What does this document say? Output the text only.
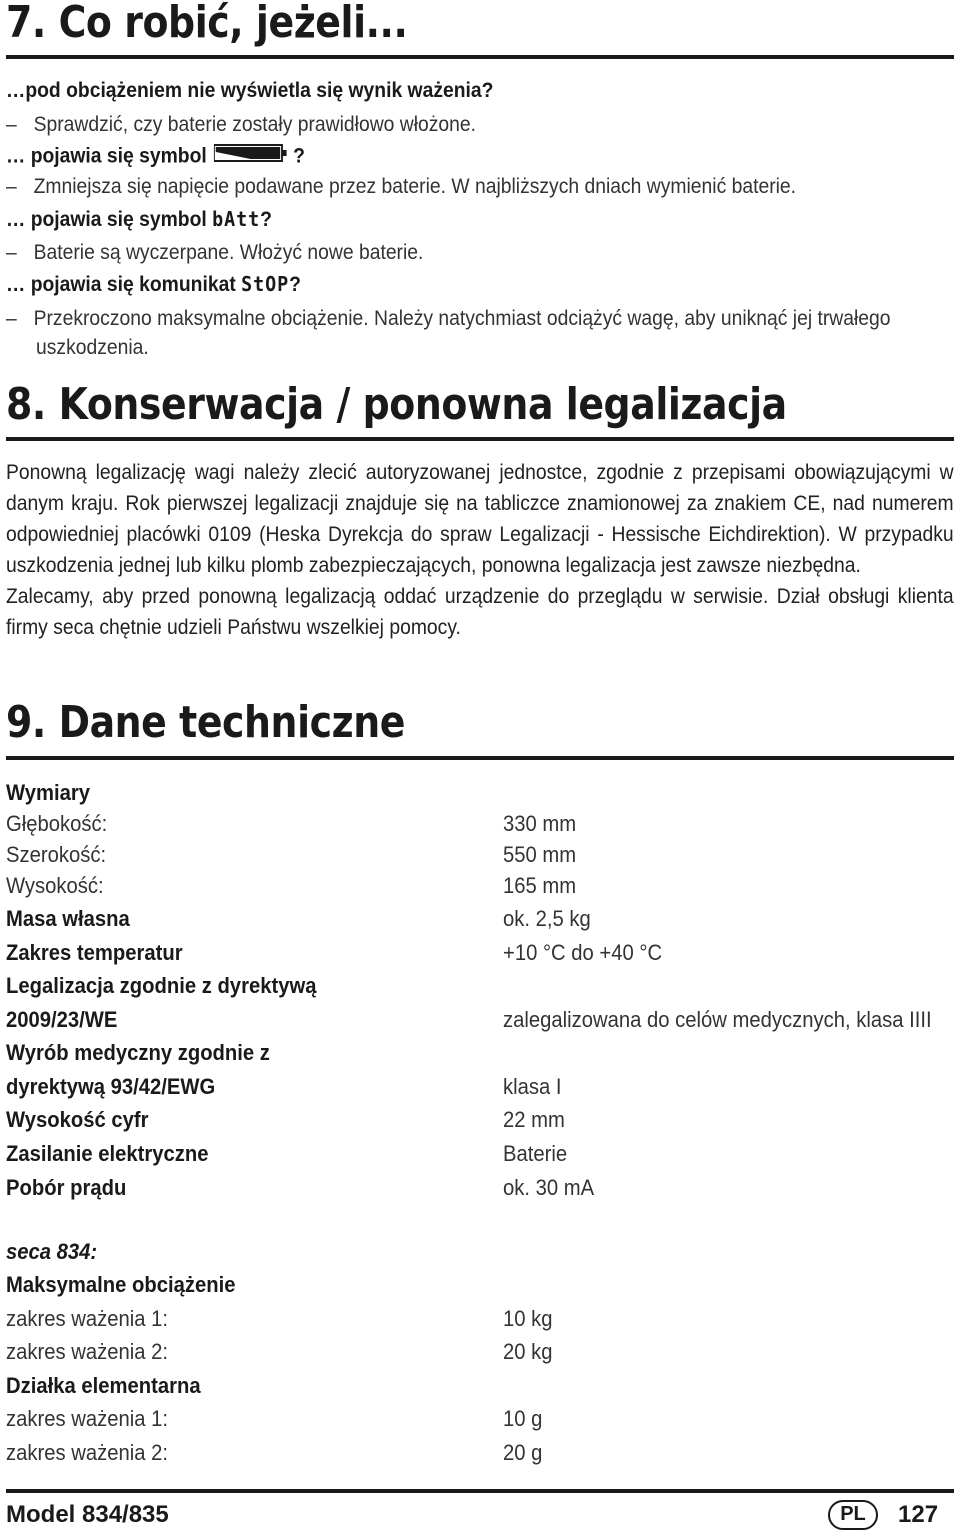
7. Co robić, jeżeli...
…pod obciążeniem nie wyświetla się wynik ważenia?
– Sprawdzić, czy baterie zostały prawidłowo włożone.
… pojawia się symbol	?
– Zmniejsza się napięcie podawane przez baterie. W najbliższych dniach wymienić baterie.
… pojawia się symbol bAtt?
– Baterie są wyczerpane. Włożyć nowe baterie.
… pojawia się komunikat StOP?
– Przekroczono maksymalne obciążenie. Należy natychmiast odciążyć wagę, aby uniknąć jej trwałego
uszkodzenia.
8. Konserwacja / ponowna legalizacja

Ponowną legalizację wagi należy zlecić autoryzowanej jednostce, zgodnie z przepisami obowiązującymi w danym kraju. Rok pierwszej legalizacji znajduje się na tabliczce znamionowej za znakiem CE, nad numerem odpowiedniej placówki 0109 (Heska Dyrekcja do spraw Legalizacji - Hessische Eichdirektion). W przypadku uszkodzenia jednej lub kilku plomb zabezpieczających, ponowna legalizacja jest zawsze niezbędna.

Zalecamy, aby przed ponowną legalizacją oddać urządzenie do przeglądu w serwisie. Dział obsługi klienta firmy seca chętnie udzieli Państwu wszelkiej pomocy.

9. Dane techniczne
Wymiary
Głębokość:	330 mm
Szerokość:	550 mm
Wysokość:	165 mm
Masa własna	ok. 2,5 kg
Zakres temperatur	+10 °C do +40 °C
Legalizacja zgodnie z dyrektywą
2009/23/WE	zalegalizowana do celów medycznych, klasa IIII
Wyrób medyczny zgodnie z
dyrektywą 93/42/EWG	klasa I
Wysokość cyfr	22 mm
Zasilanie elektryczne	Baterie
Pobór prądu	ok. 30 mA
seca 834:
Maksymalne obciążenie
zakres ważenia 1:	10 kg
zakres ważenia 2:	20 kg
Działka elementarna
zakres ważenia 1:	10 g
zakres ważenia 2:	20 g
Model 834/835	PL	127
